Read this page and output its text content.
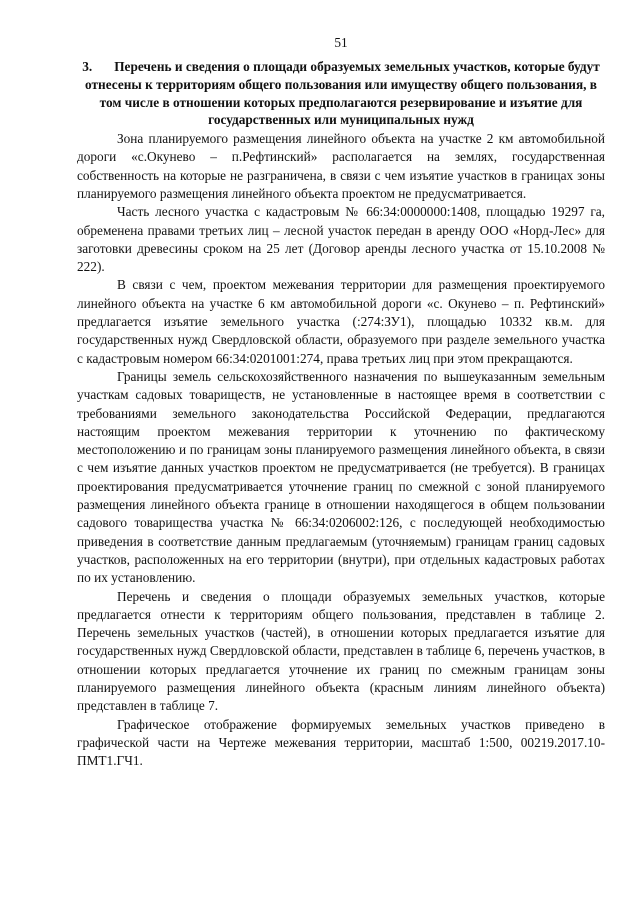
51
3. Перечень и сведения о площади образуемых земельных участков, которые будут отнесены к территориям общего пользования или имуществу общего пользования, в том числе в отношении которых предполагаются резервирование и изъятие для государственных или муниципальных нужд

Зона планируемого размещения линейного объекта на участке 2 км автомобильной дороги «с.Окунево – п.Рефтинский» располагается на землях, государственная собственность на которые не разграничена, в связи с чем изъятие участков в границах зоны планируемого размещения линейного объекта проектом не предусматривается.

Часть лесного участка с кадастровым № 66:34:0000000:1408, площадью 19297 га, обременена правами третьих лиц – лесной участок передан в аренду ООО «Норд-Лес» для заготовки древесины сроком на 25 лет (Договор аренды лесного участка от 15.10.2008 № 222).

В связи с чем, проектом межевания территории для размещения проектируемого линейного объекта на участке 6 км автомобильной дороги «с. Окунево – п. Рефтинский» предлагается изъятие земельного участка (:274:ЗУ1), площадью 10332 кв.м. для государственных нужд Свердловской области, образуемого при разделе земельного участка с кадастровым номером 66:34:0201001:274, права третьих лиц при этом прекращаются.

Границы земель сельскохозяйственного назначения по вышеуказанным земельным участкам садовых товариществ, не установленные в настоящее время в соответствии с требованиями земельного законодательства Российской Федерации, предлагаются настоящим проектом межевания территории к уточнению по фактическому местоположению и по границам зоны планируемого размещения линейного объекта, в связи с чем изъятие данных участков проектом не предусматривается (не требуется). В границах проектирования предусматривается уточнение границ по смежной с зоной планируемого размещения линейного объекта границе в отношении находящегося в общем пользовании садового товарищества участка № 66:34:0206002:126, с последующей необходимостью приведения в соответствие данным предлагаемым (уточняемым) границам границ садовых участков, расположенных на его территории (внутри), при отдельных кадастровых работах по их установлению.

Перечень и сведения о площади образуемых земельных участков, которые предлагается отнести к территориям общего пользования, представлен в таблице 2. Перечень земельных участков (частей), в отношении которых предлагается изъятие для государственных нужд Свердловской области, представлен в таблице 6, перечень участков, в отношении которых предлагается уточнение их границ по смежным границам зоны планируемого размещения линейного объекта (красным линиям линейного объекта) представлен в таблице 7.

Графическое отображение формируемых земельных участков приведено в графической части на Чертеже межевания территории, масштаб 1:500, 00219.2017.10-ПМТ1.ГЧ1.
